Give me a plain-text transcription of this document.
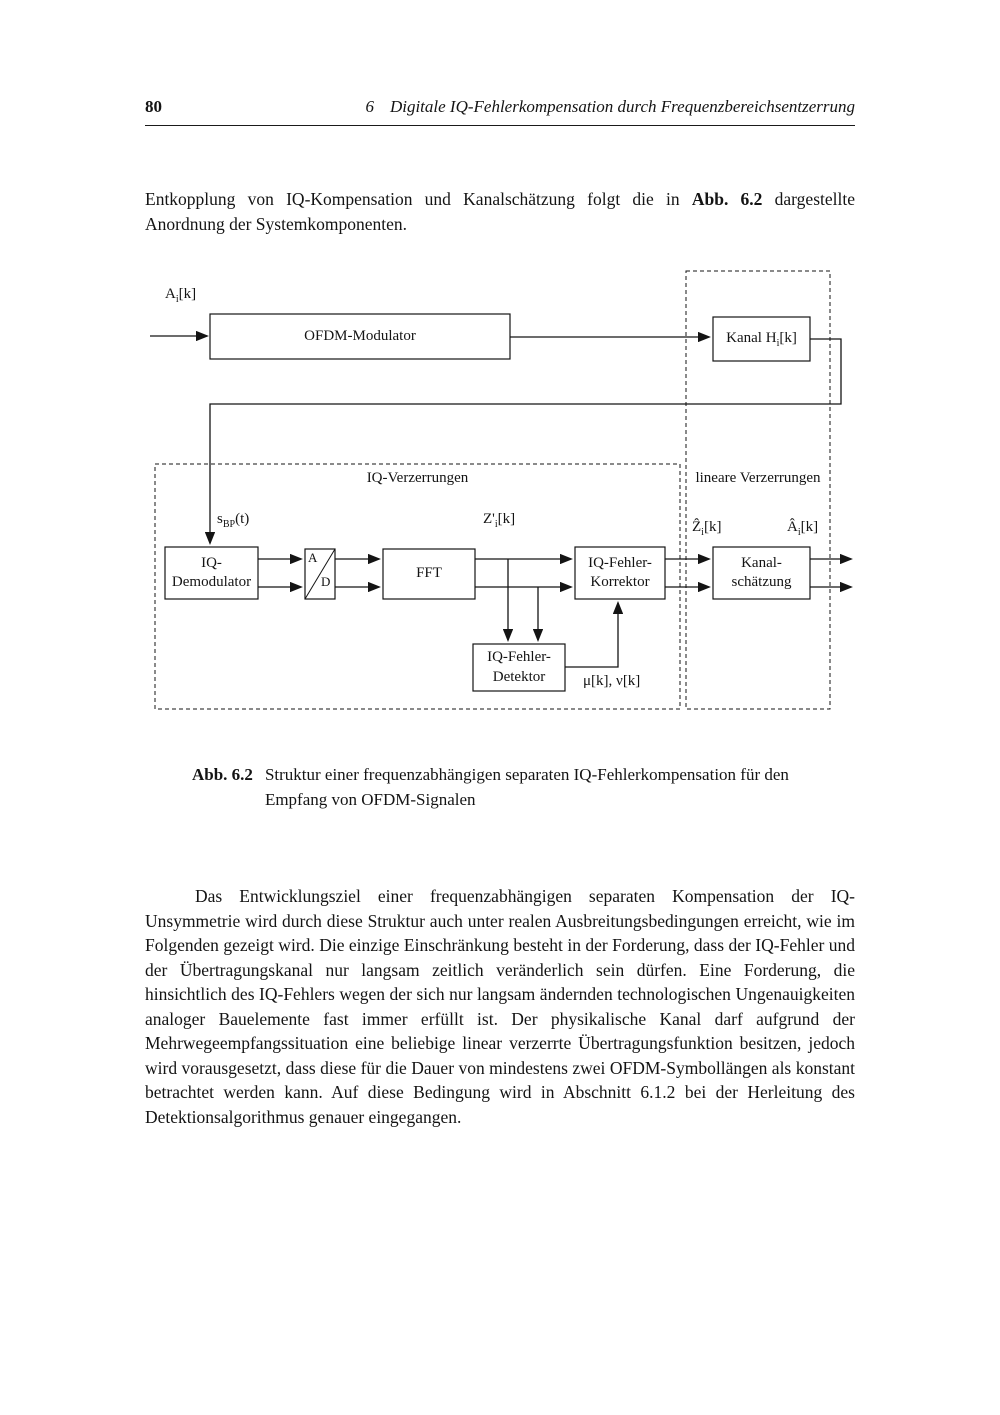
80	6 Digitale IQ-Fehlerkompensation durch Frequenzbereichsentzerrung

Entkopplung von IQ-Kompensation und Kanalschätzung folgt die in Abb. 6.2 dargestellte Anordnung der Systemkomponenten.

IQ-Verzerrungen	lineare Verzerrungen
$A_i[k]$
$s_{BP}(t)$	$Z'_i[k]$	Ẑ$_i$[k]	$Â_i[k]$
μ[k], ν[k]
OFDM-Modulator	Kanal $H_i[k]$
IQ-
Demodulator
A
D
FFT
IQ-Fehler-
Korrektor
IQ-Fehler-
Detektor
Kanal-
schätzung
Abb. 6.2 Struktur einer frequenzabhängigen separaten IQ-Fehlerkompensation für den Empfang von OFDM-Signalen

Das Entwicklungsziel einer frequenzabhängigen separaten Kompensation der IQ-Unsymmetrie wird durch diese Struktur auch unter realen Ausbreitungsbedingungen erreicht, wie im Folgenden gezeigt wird. Die einzige Einschränkung besteht in der Forderung, dass der IQ-Fehler und der Übertragungskanal nur langsam zeitlich veränderlich sein dürfen. Eine Forderung, die hinsichtlich des IQ-Fehlers wegen der sich nur langsam ändernden technologischen Ungenauigkeiten analoger Bauelemente fast immer erfüllt ist. Der physikalische Kanal darf aufgrund der Mehrwegeempfangssituation eine beliebige linear verzerrte Übertragungsfunktion besitzen, jedoch wird vorausgesetzt, dass diese für die Dauer von mindestens zwei OFDM-Symbollängen als konstant betrachtet werden kann. Auf diese Bedingung wird in Abschnitt 6.1.2 bei der Herleitung des Detektionsalgorithmus genauer eingegangen.
